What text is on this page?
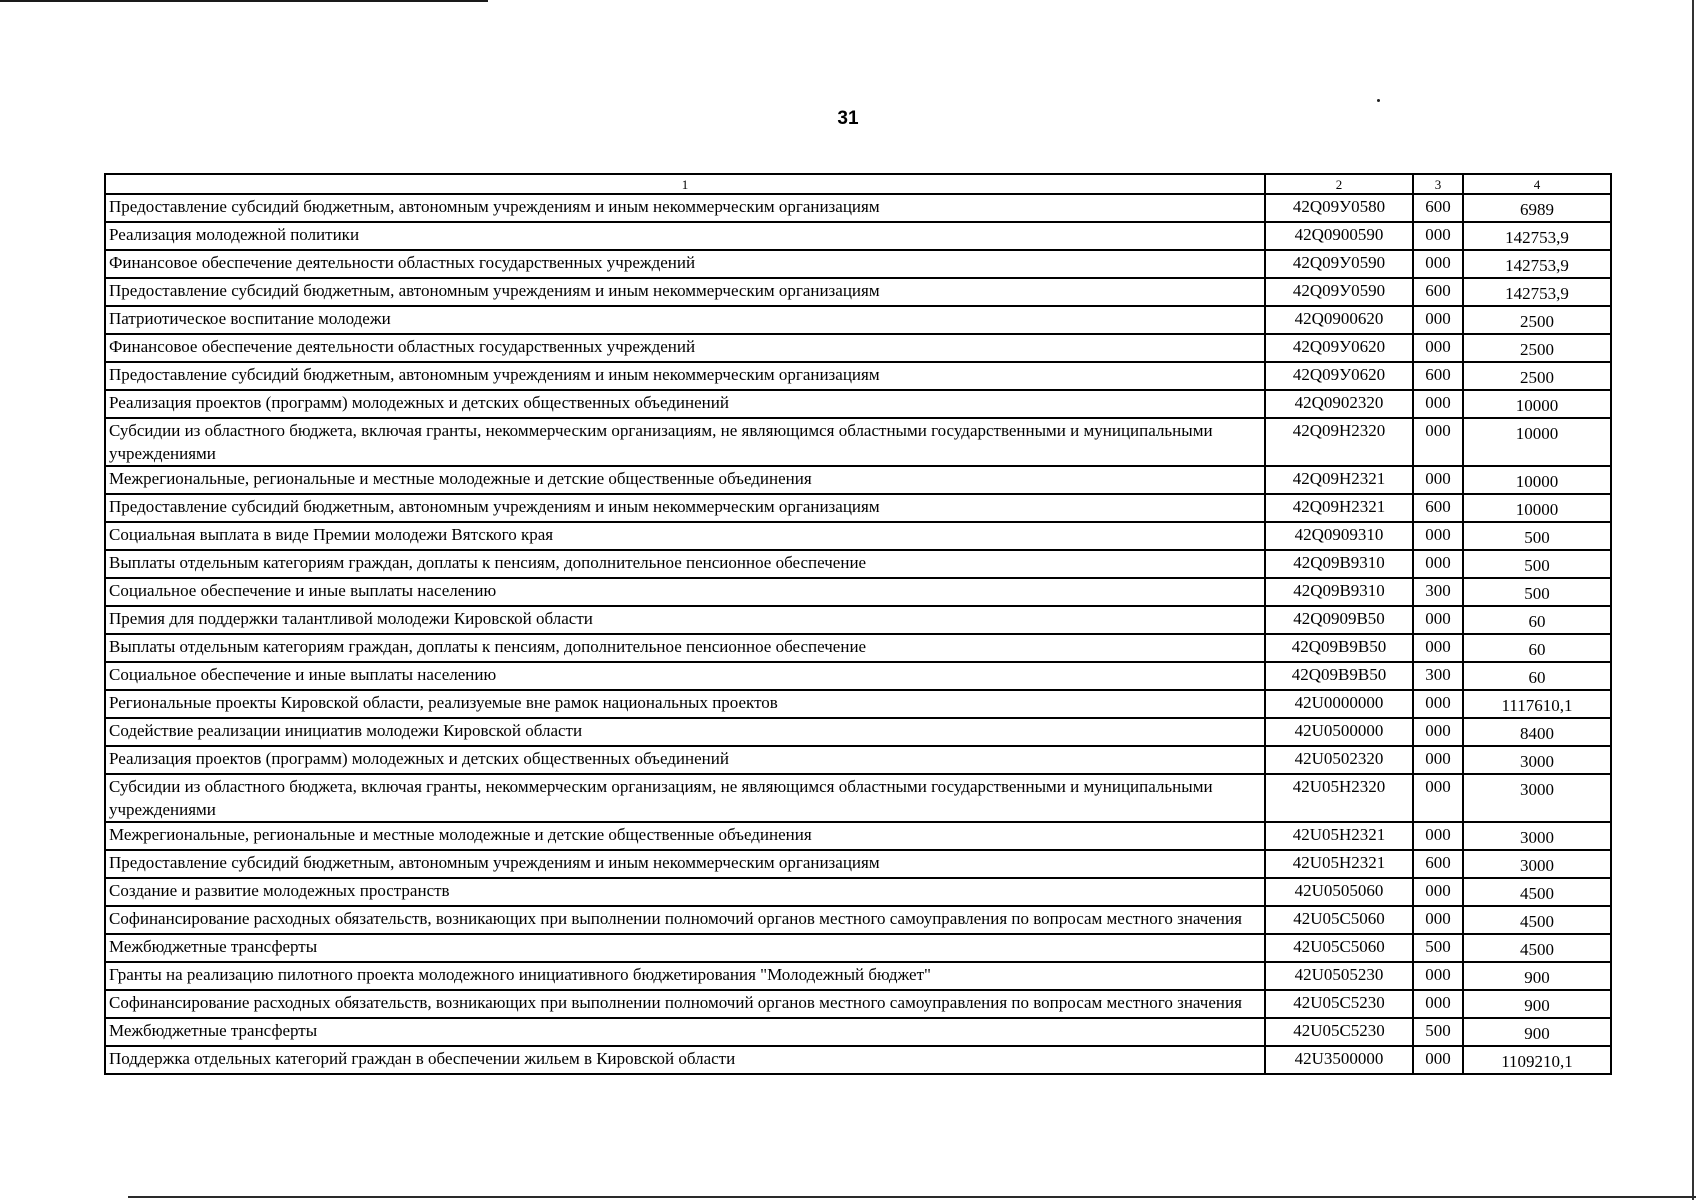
31
1	2	3	4
Предоставление субсидий бюджетным, автономным учреждениям и иным некоммерческим организациям	42Q09У0580	600	6989
Реализация молодежной политики	42Q0900590	000	142753,9
Финансовое обеспечение деятельности областных государственных учреждений	42Q09У0590	000	142753,9
Предоставление субсидий бюджетным, автономным учреждениям и иным некоммерческим организациям	42Q09У0590	600	142753,9
Патриотическое воспитание молодежи	42Q0900620	000	2500
Финансовое обеспечение деятельности областных государственных учреждений	42Q09У0620	000	2500
Предоставление субсидий бюджетным, автономным учреждениям и иным некоммерческим организациям	42Q09У0620	600	2500
Реализация проектов (программ) молодежных и детских общественных объединений	42Q0902320	000	10000
Субсидии из областного бюджета, включая гранты, некоммерческим организациям, не являющимся областными государственными и муниципальными учреждениями	42Q09Н2320	000	10000
Межрегиональные, региональные и местные молодежные и детские общественные объединения	42Q09Н2321	000	10000
Предоставление субсидий бюджетным, автономным учреждениям и иным некоммерческим организациям	42Q09Н2321	600	10000
Социальная выплата в виде Премии молодежи Вятского края	42Q0909310	000	500
Выплаты отдельным категориям граждан, доплаты к пенсиям, дополнительное пенсионное обеспечение	42Q09В9310	000	500
Социальное обеспечение и иные выплаты населению	42Q09В9310	300	500
Премия для поддержки талантливой молодежи Кировской области	42Q0909В50	000	60
Выплаты отдельным категориям граждан, доплаты к пенсиям, дополнительное пенсионное обеспечение	42Q09В9В50	000	60
Социальное обеспечение и иные выплаты населению	42Q09В9В50	300	60
Региональные проекты Кировской области, реализуемые вне рамок национальных проектов	42U0000000	000	1117610,1
Содействие реализации инициатив молодежи Кировской области	42U0500000	000	8400
Реализация проектов (программ) молодежных и детских общественных объединений	42U0502320	000	3000
Субсидии из областного бюджета, включая гранты, некоммерческим организациям, не являющимся областными государственными и муниципальными учреждениями	42U05Н2320	000	3000
Межрегиональные, региональные и местные молодежные и детские общественные объединения	42U05Н2321	000	3000
Предоставление субсидий бюджетным, автономным учреждениям и иным некоммерческим организациям	42U05Н2321	600	3000
Создание и развитие молодежных пространств	42U0505060	000	4500
Софинансирование расходных обязательств, возникающих при выполнении полномочий органов местного самоуправления по вопросам местного значения	42U05С5060	000	4500
Межбюджетные трансферты	42U05С5060	500	4500
Гранты на реализацию пилотного проекта молодежного инициативного бюджетирования "Молодежный бюджет"	42U0505230	000	900
Софинансирование расходных обязательств, возникающих при выполнении полномочий органов местного самоуправления по вопросам местного значения	42U05С5230	000	900
Межбюджетные трансферты	42U05С5230	500	900
Поддержка отдельных категорий граждан в обеспечении жильем в Кировской области	42U3500000	000	1109210,1
